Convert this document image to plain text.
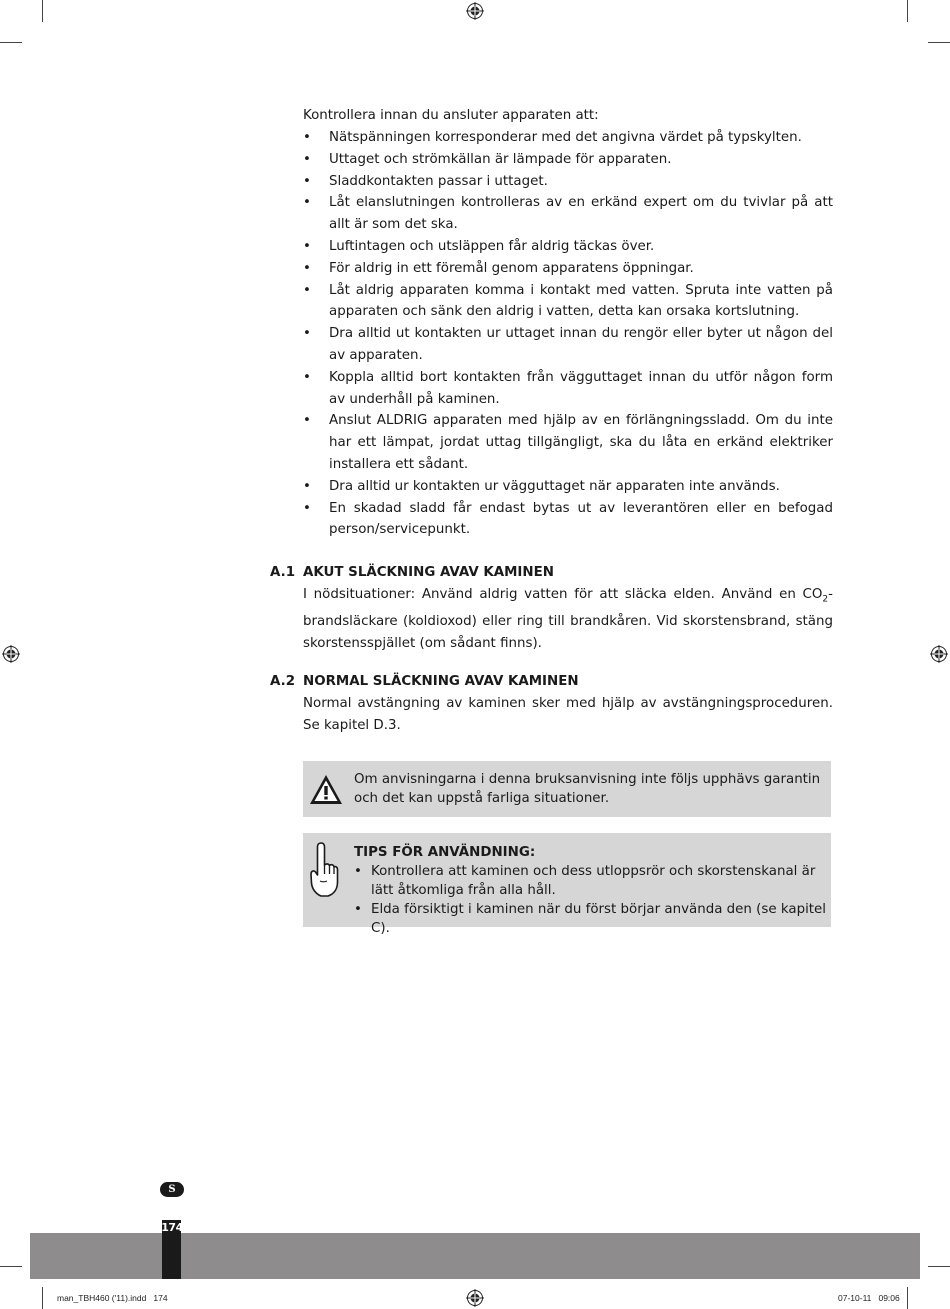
Kontrollera innan du ansluter apparaten att:
• Nätspänningen korresponderar med det angivna värdet på typskylten.
• Uttaget och strömkällan är lämpade för apparaten.
• Sladdkontakten passar i uttaget.
• Låt elanslutningen kontrolleras av en erkänd expert om du tvivlar på att allt är som det ska.
• Luftintagen och utsläppen får aldrig täckas över.
• För aldrig in ett föremål genom apparatens öppningar.
• Låt aldrig apparaten komma i kontakt med vatten. Spruta inte vatten på apparaten och sänk den aldrig i vatten, detta kan orsaka kortslutning.
• Dra alltid ut kontakten ur uttaget innan du rengör eller byter ut någon del av apparaten.
• Koppla alltid bort kontakten från vägguttaget innan du utför någon form av underhåll på kaminen.
• Anslut ALDRIG apparaten med hjälp av en förlängningssladd. Om du inte har ett lämpat, jordat uttag tillgängligt, ska du låta en erkänd elektriker installera ett sådant.
• Dra alltid ur kontakten ur vägguttaget när apparaten inte används.
• En skadad sladd får endast bytas ut av leverantören eller en befogad person/servicepunkt.
A.1 AKUT SLÄCKNING AVAV KAMINEN
I nödsituationer: Använd aldrig vatten för att släcka elden. Använd en $CO_2$-brandsläckare (koldioxod) eller ring till brandkåren. Vid skorstensbrand, stäng skorstensspjället (om sådant finns).
A.2 NORMAL SLÄCKNING AVAV KAMINEN
Normal avstängning av kaminen sker med hjälp av avstängningsproceduren. Se kapitel D.3.
Om anvisningarna i denna bruksanvisning inte följs upphävs garantin och det kan uppstå farliga situationer.
TIPS FÖR ANVÄNDNING:
• Kontrollera att kaminen och dess utloppsrör och skorstenskanal är lätt åtkomliga från alla håll.
• Elda försiktigt i kaminen när du först börjar använda den (se kapitel C).
S
174
man_TBH460 ('11).indd   174	07-10-11   09:06
